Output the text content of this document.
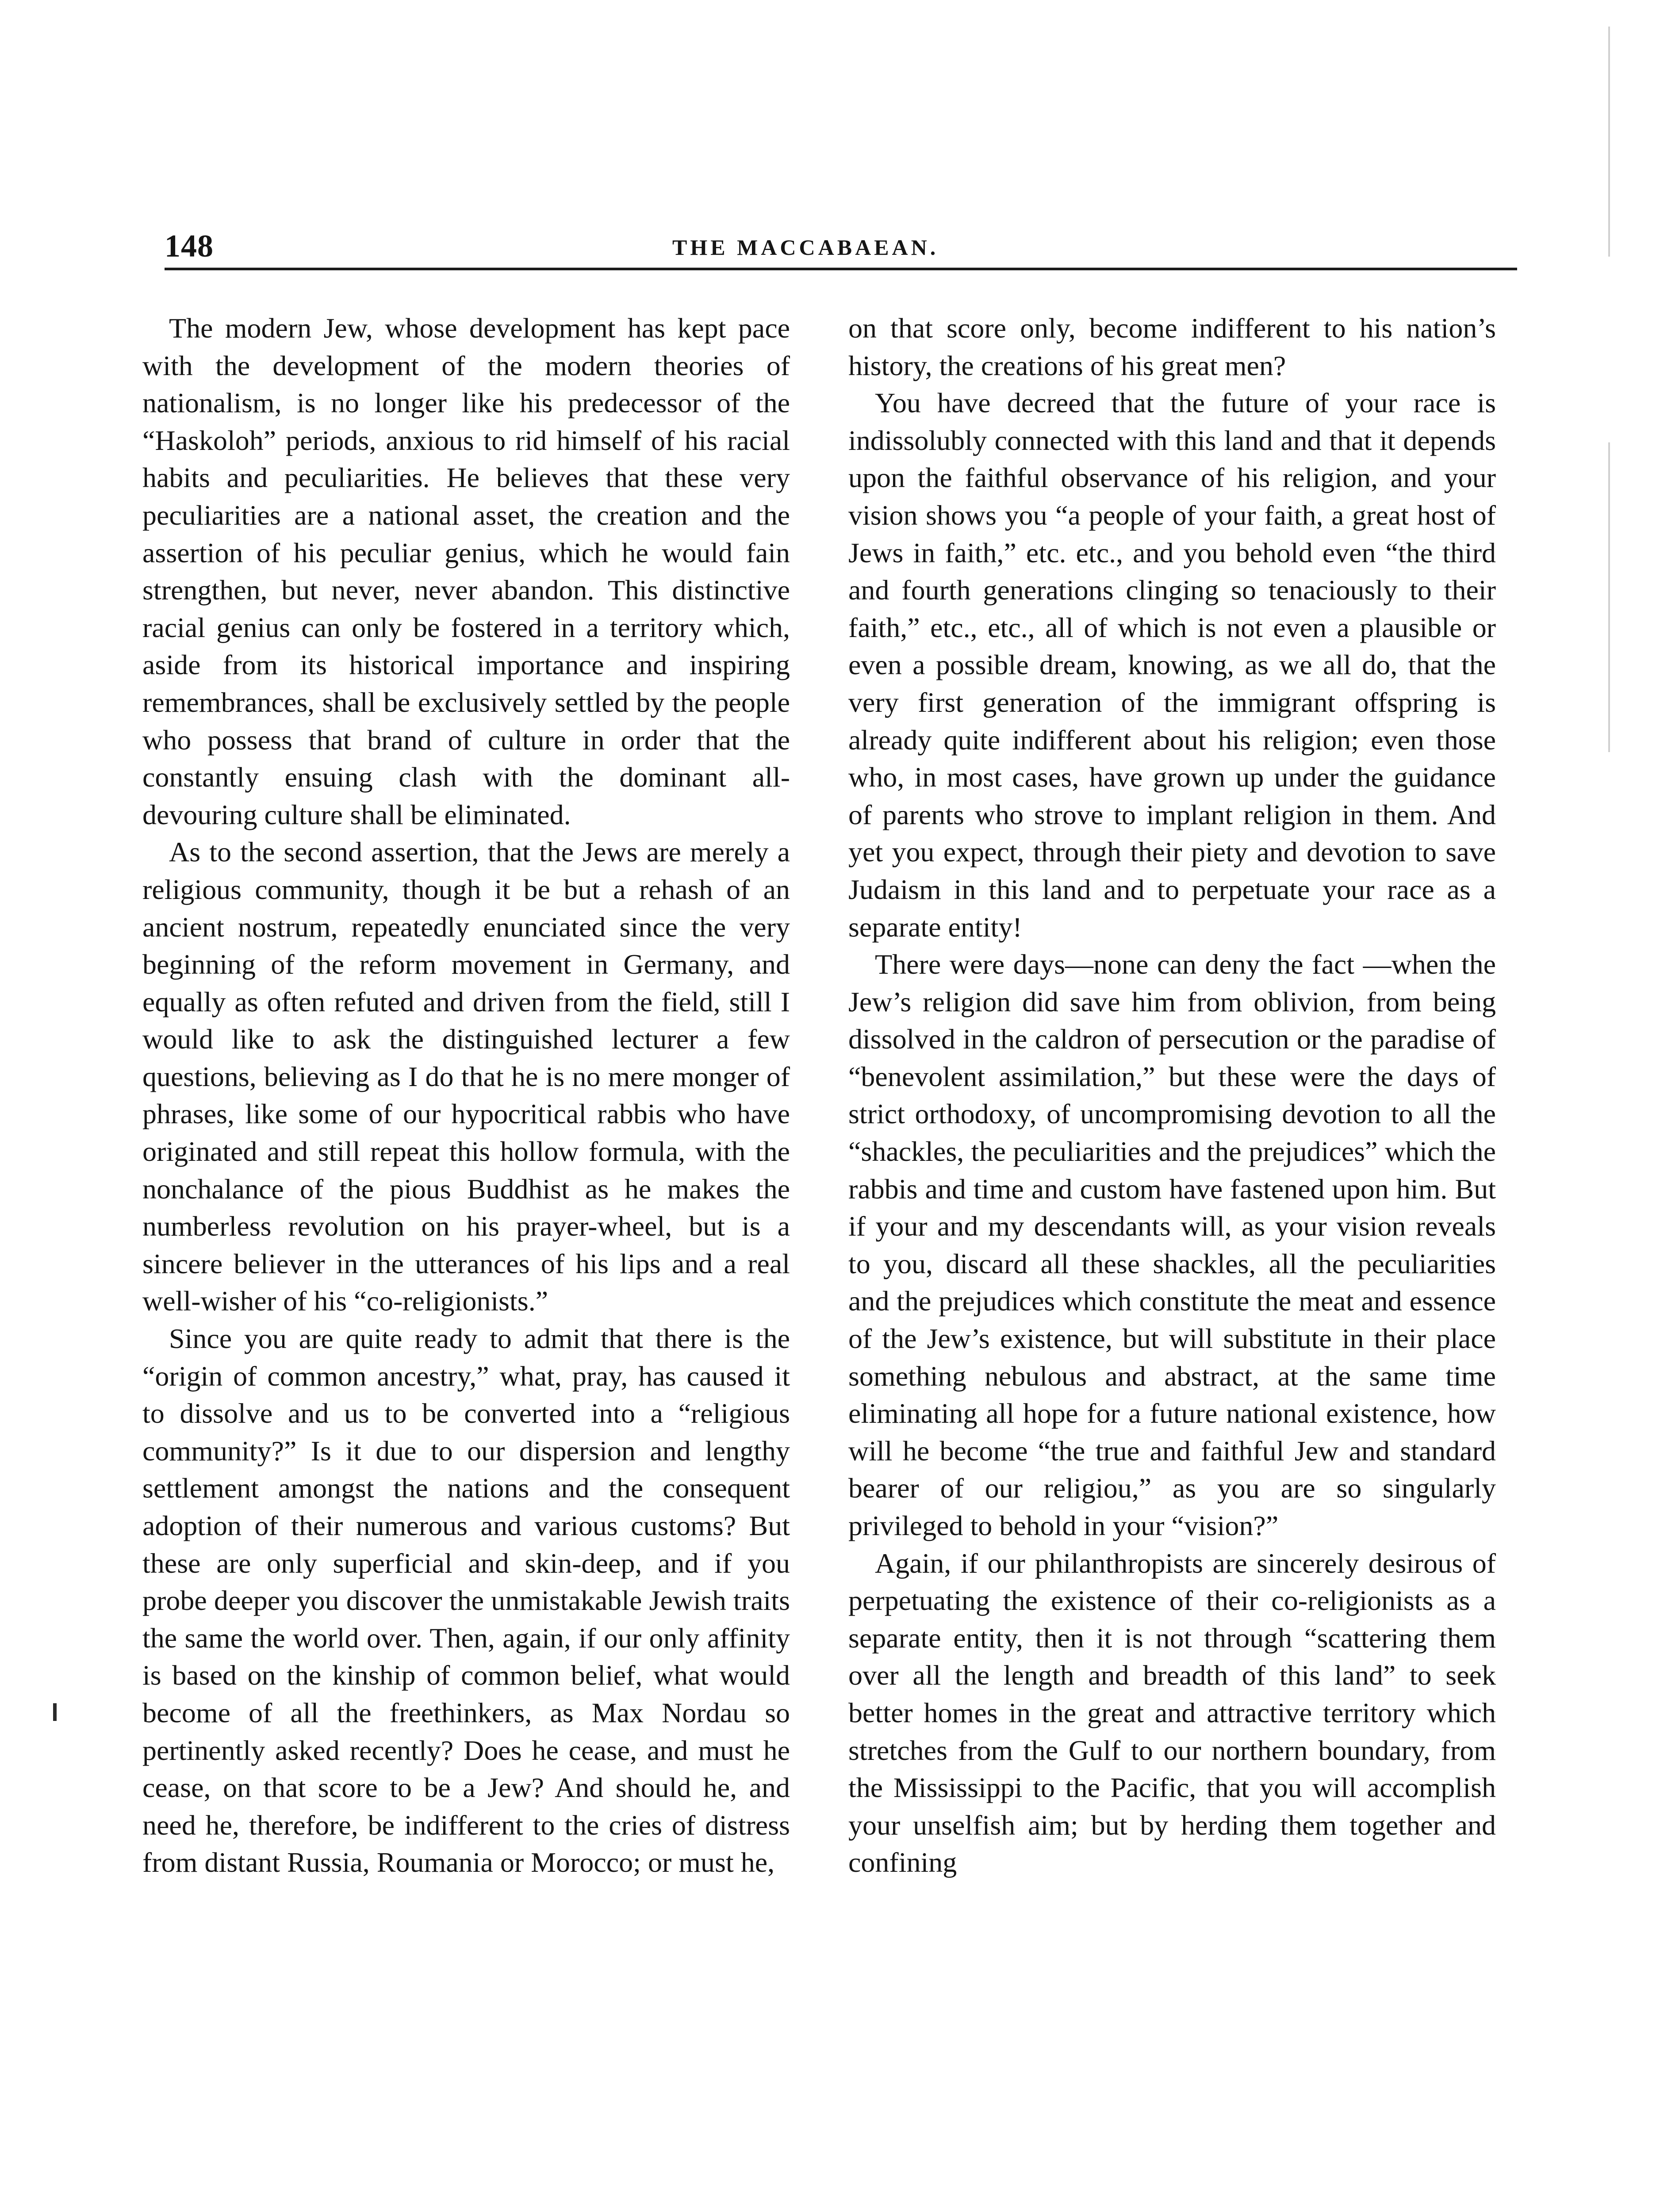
148	THE MACCABAEAN.

The modern Jew, whose development has kept pace with the development of the modern theories of nationalism, is no longer like his predecessor of the “Haskoloh” periods, anxious to rid himself of his racial habits and peculiarities. He believes that these very peculiarities are a national asset, the creation and the assertion of his peculiar genius, which he would fain strengthen, but never, never abandon. This distinctive racial genius can only be fostered in a territory which, aside from its historical importance and inspiring remembrances, shall be exclusively settled by the people who possess that brand of culture in order that the constantly ensuing clash with the dominant all-devouring culture shall be eliminated.

As to the second assertion, that the Jews are merely a religious community, though it be but a rehash of an ancient nostrum, repeatedly enunciated since the very beginning of the reform movement in Germany, and equally as often refuted and driven from the field, still I would like to ask the distinguished lecturer a few questions, believing as I do that he is no mere monger of phrases, like some of our hypocritical rabbis who have originated and still repeat this hollow formula, with the nonchalance of the pious Buddhist as he makes the numberless revolution on his prayer-wheel, but is a sincere believer in the utterances of his lips and a real well-wisher of his “co-religionists.”

Since you are quite ready to admit that there is the “origin of common ancestry,” what, pray, has caused it to dissolve and us to be converted into a “religious community?” Is it due to our dispersion and lengthy settlement amongst the nations and the consequent adoption of their numerous and various customs? But these are only superficial and skin-deep, and if you probe deeper you discover the unmistakable Jewish traits the same the world over. Then, again, if our only affinity is based on the kinship of common belief, what would become of all the freethinkers, as Max Nordau so pertinently asked recently? Does he cease, and must he cease, on that score to be a Jew? And should he, and need he, therefore, be indifferent to the cries of distress from distant Russia, Roumania or Morocco; or must he,

on that score only, become indifferent to his nation’s history, the creations of his great men?

You have decreed that the future of your race is indissolubly connected with this land and that it depends upon the faithful observance of his religion, and your vision shows you “a people of your faith, a great host of Jews in faith,” etc. etc., and you behold even “the third and fourth generations clinging so tenaciously to their faith,” etc., etc., all of which is not even a plausible or even a possible dream, knowing, as we all do, that the very first generation of the immigrant offspring is already quite indifferent about his religion; even those who, in most cases, have grown up under the guidance of parents who strove to implant religion in them. And yet you expect, through their piety and devotion to save Judaism in this land and to perpetuate your race as a separate entity!

There were days—none can deny the fact —when the Jew’s religion did save him from oblivion, from being dissolved in the caldron of persecution or the paradise of “benevolent assimilation,” but these were the days of strict orthodoxy, of uncompromising devotion to all the “shackles, the peculiarities and the prejudices” which the rabbis and time and custom have fastened upon him. But if your and my descendants will, as your vision reveals to you, discard all these shackles, all the peculiarities and the prejudices which constitute the meat and essence of the Jew’s existence, but will substitute in their place something nebulous and abstract, at the same time eliminating all hope for a future national existence, how will he become “the true and faithful Jew and standard bearer of our religiou,” as you are so singularly privileged to behold in your “vision?”

Again, if our philanthropists are sincerely desirous of perpetuating the existence of their co-religionists as a separate entity, then it is not through “scattering them over all the length and breadth of this land” to seek better homes in the great and attractive territory which stretches from the Gulf to our northern boundary, from the Mississippi to the Pacific, that you will accomplish your unselfish aim; but by herding them together and confining
